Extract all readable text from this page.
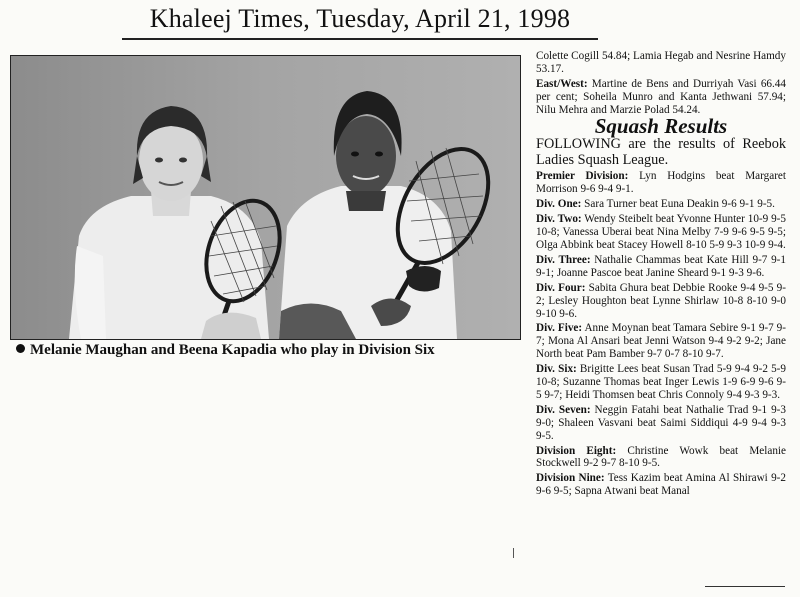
Khaleej Times, Tuesday, April 21, 1998
Melanie Maughan and Beena Kapadia who play in Division Six

Colette Cogill 54.84; Lamia Hegab and Nesrine Hamdy 53.17.

East/West: Martine de Bens and Durriyah Vasi 66.44 per cent; Soheila Munro and Kanta Jethwani 57.94; Nilu Mehra and Marzie Polad 54.24.

Squash Results

FOLLOWING are the results of Reebok Ladies Squash League.

Premier Division: Lyn Hodgins beat Margaret Morrison 9-6 9-4 9-1.

Div. One: Sara Turner beat Euna Deakin 9-6 9-1 9-5.

Div. Two: Wendy Steibelt beat Yvonne Hunter 10-9 9-5 10-8; Vanessa Uberai beat Nina Melby 7-9 9-6 9-5 9-5; Olga Abbink beat Stacey Howell 8-10 5-9 9-3 10-9 9-4.

Div. Three: Nathalie Chammas beat Kate Hill 9-7 9-1 9-1; Joanne Pascoe beat Janine Sheard 9-1 9-3 9-6.

Div. Four: Sabita Ghura beat Debbie Rooke 9-4 9-5 9-2; Lesley Houghton beat Lynne Shirlaw 10-8 8-10 9-0 9-10 9-6.

Div. Five: Anne Moynan beat Tamara Sebire 9-1 9-7 9-7; Mona Al Ansari beat Jenni Watson 9-4 9-2 9-2; Jane North beat Pam Bamber 9-7 0-7 8-10 9-7.

Div. Six: Brigitte Lees beat Susan Trad 5-9 9-4 9-2 5-9 10-8; Suzanne Thomas beat Inger Lewis 1-9 6-9 9-6 9-5 9-7; Heidi Thomsen beat Chris Connoly 9-4 9-3 9-3.

Div. Seven: Neggin Fatahi beat Nathalie Trad 9-1 9-3 9-0; Shaleen Vasvani beat Saimi Siddiqui 4-9 9-4 9-3 9-5.

Division Eight: Christine Wowk beat Melanie Stockwell 9-2 9-7 8-10 9-5.

Division Nine: Tess Kazim beat Amina Al Shirawi 9-2 9-6 9-5; Sapna Atwani beat Manal
